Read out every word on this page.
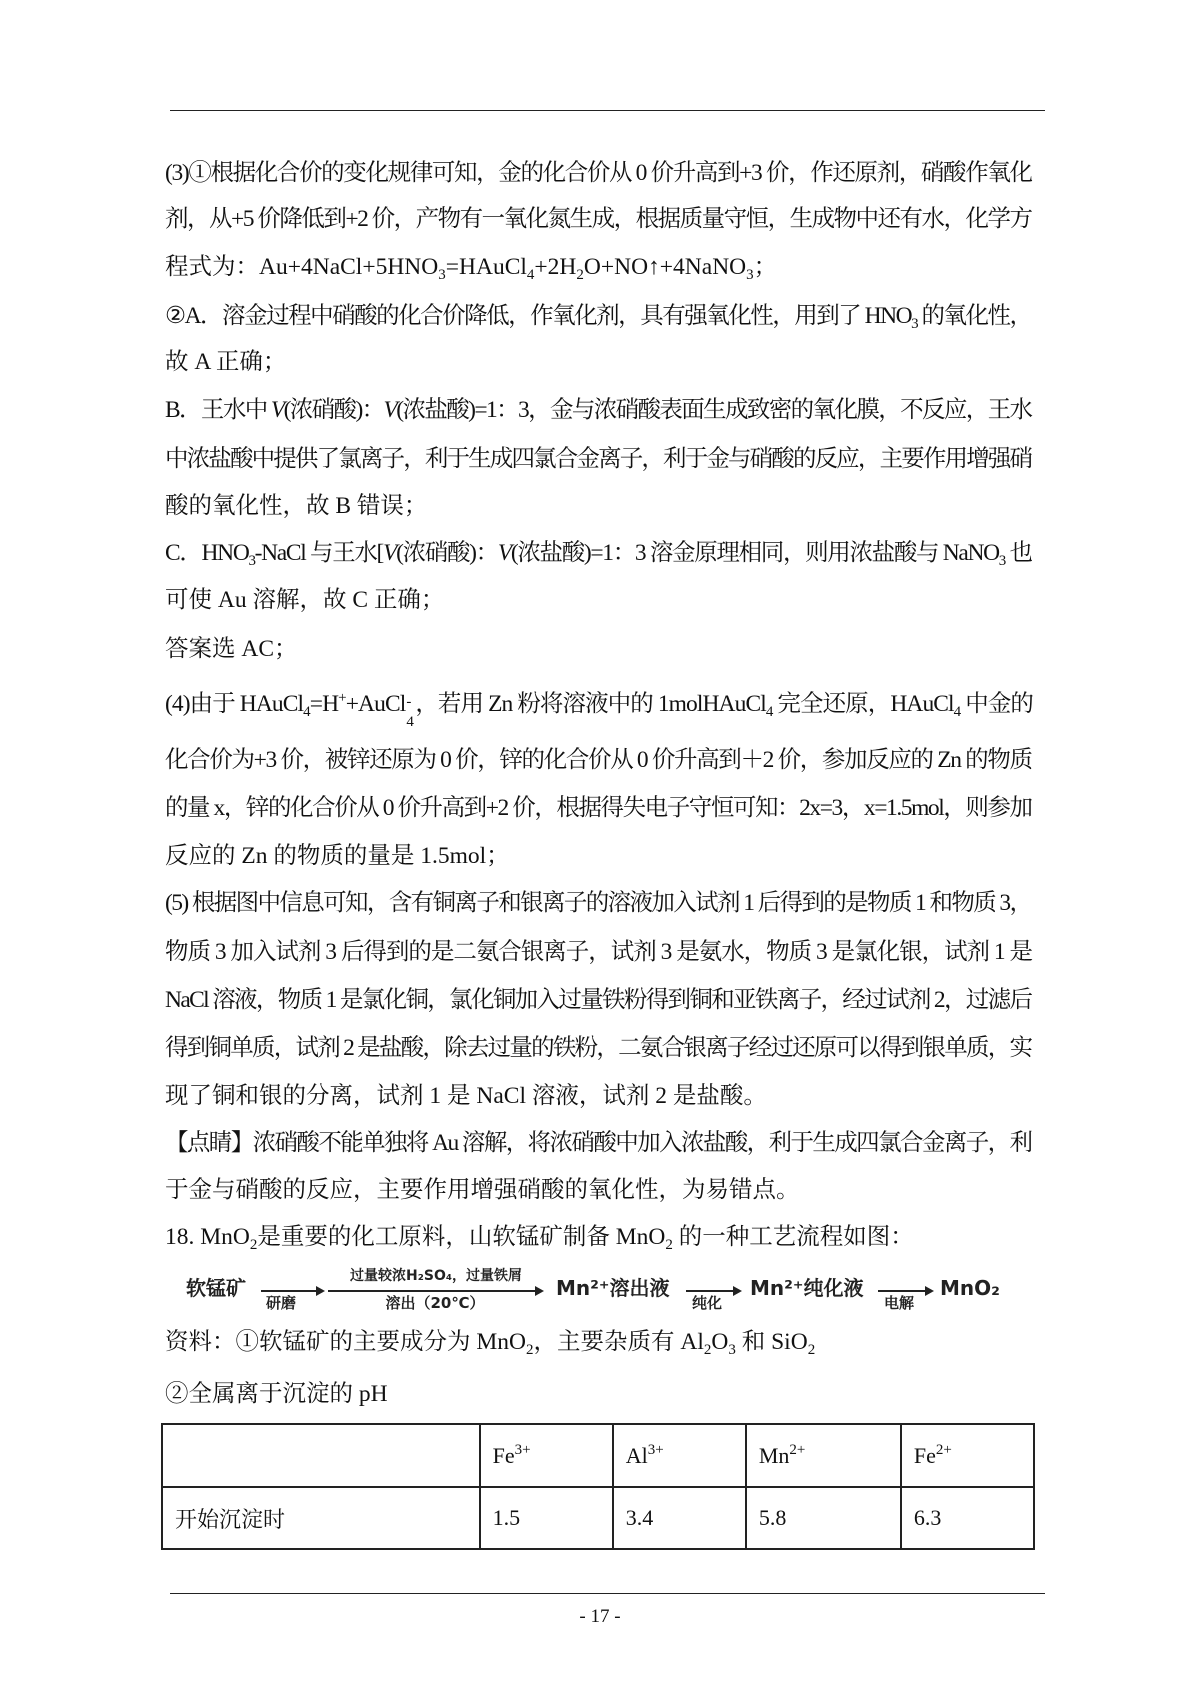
(3)①根据化合价的变化规律可知，金的化合价从 0 价升高到+3 价，作还原剂，硝酸作氧化
剂，从+5 价降低到+2 价，产物有一氧化氮生成，根据质量守恒，生成物中还有水，化学方
程式为：$Au+4NaCl+5HNO_3=HAuCl_4+2H_2O+NO↑+4NaNO_3$；
②A．溶金过程中硝酸的化合价降低，作氧化剂，具有强氧化性，用到了 $HNO_3$ 的氧化性，
故 A 正确；
B．王水中 V(浓硝酸)：V(浓盐酸)=1：3，金与浓硝酸表面生成致密的氧化膜，不反应，王水
中浓盐酸中提供了氯离子，利于生成四氯合金离子，利于金与硝酸的反应，主要作用增强硝
酸的氧化性，故 B 错误；
C．$HNO_3$-NaCl 与王水[V(浓硝酸)：V(浓盐酸)=1：3 溶金原理相同，则用浓盐酸与 NaNO$_3$ 也
可使 Au 溶解，故 C 正确；
答案选 AC；
(4)由于 HAuCl$_4$=H++AuCl -
4
，若用 Zn 粉将溶液中的 1molHAuCl$_4$ 完全还原，HAuCl$_4$ 中金的
化合价为+3 价，被锌还原为 0 价，锌的化合价从 0 价升高到＋2 价，参加反应的 Zn 的物质
的量 x，锌的化合价从 0 价升高到+2 价，根据得失电子守恒可知：2x=3，x=1.5mol，则参加
反应的 Zn 的物质的量是 1.5mol；
(5) 根据图中信息可知，含有铜离子和银离子的溶液加入试剂 1 后得到的是物质 1 和物质 3，
物质 3 加入试剂 3 后得到的是二氨合银离子，试剂 3 是氨水，物质 3 是氯化银，试剂 1 是
NaCl 溶液，物质 1 是氯化铜，氯化铜加入过量铁粉得到铜和亚铁离子，经过试剂 2，过滤后
得到铜单质，试剂 2 是盐酸，除去过量的铁粉，二氨合银离子经过还原可以得到银单质，实
现了铜和银的分离，试剂 1 是 NaCl 溶液，试剂 2 是盐酸。
【点睛】浓硝酸不能单独将 Au 溶解，将浓硝酸中加入浓盐酸，利于生成四氯合金离子，利
于金与硝酸的反应，主要作用增强硝酸的氧化性，为易错点。
18. MnO$_2$是重要的化工原料，山软锰矿制备 MnO$_2$ 的一种工艺流程如图：
资料：①软锰矿的主要成分为 MnO$_2$，主要杂质有 $Al_2O_3$ 和 SiO$_2$
②全属离于沉淀的 pH
软锰矿
研磨
过量较浓H₂SO₄，过量铁屑
溶出（20℃）
Mn²⁺溶出液
纯化
Mn²⁺纯化液
电解
MnO₂
	$Fe^{3+}$	$Al^{3+}$	$Mn^{2+}$	$Fe^{2+}$
开始沉淀时	1.5	3.4	5.8	6.3
- 17 -
